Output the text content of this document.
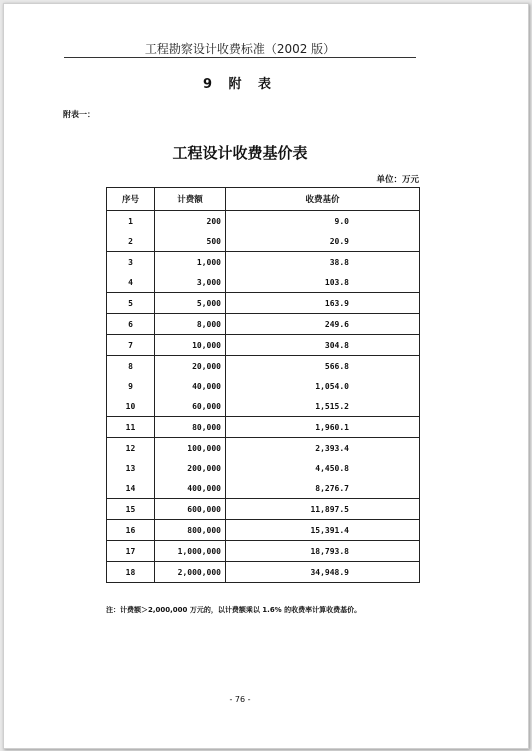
工程勘察设计收费标准（2002 版）
9 附 表
附表一：
工程设计收费基价表
单位：万元
序号	计费额	收费基价
1	200	9.0
2	500	20.9
3	1,000	38.8
4	3,000	103.8
5	5,000	163.9
6	8,000	249.6
7	10,000	304.8
8	20,000	566.8
9	40,000	1,054.0
10	60,000	1,515.2
11	80,000	1,960.1
12	100,000	2,393.4
13	200,000	4,450.8
14	400,000	8,276.7
15	600,000	11,897.5
16	800,000	15,391.4
17	1,000,000	18,793.8
18	2,000,000	34,948.9
注：计费额＞2,000,000 万元的，以计费额乘以 1.6% 的收费率计算收费基价。
- 76 -
